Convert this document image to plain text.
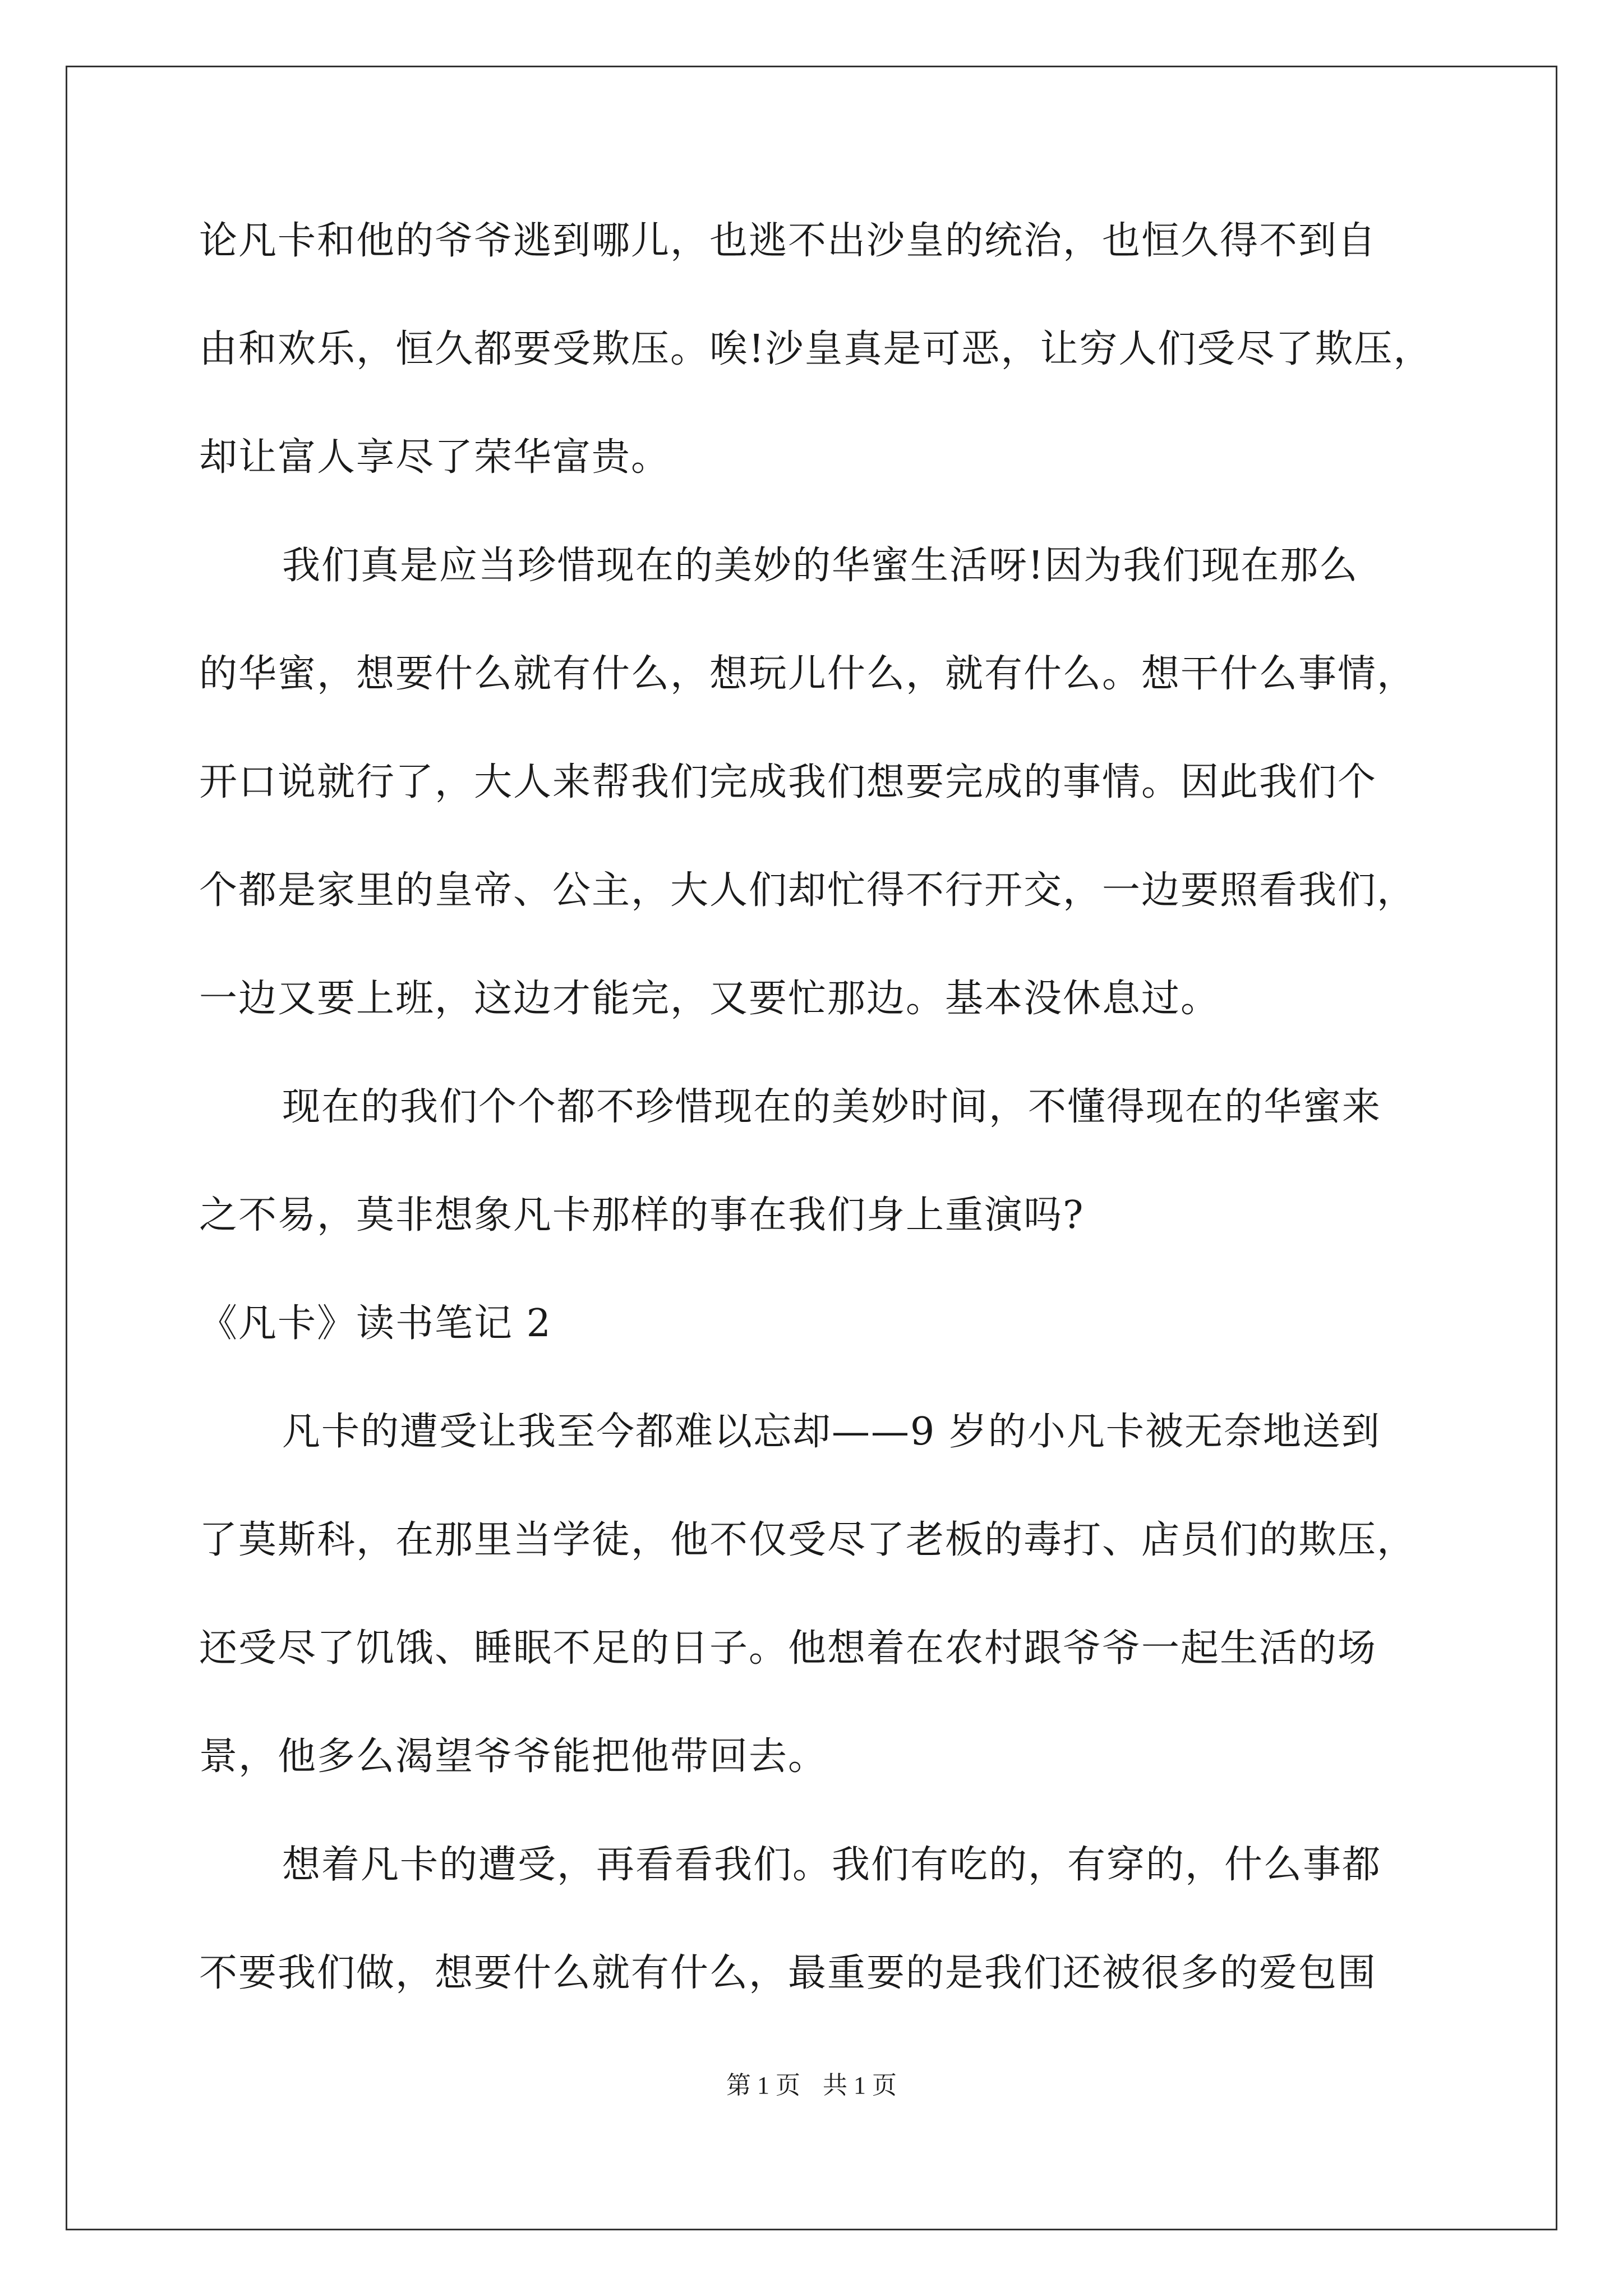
论凡卡和他的爷爷逃到哪儿，也逃不出沙皇的统治，也恒久得不到自
由和欢乐，恒久都要受欺压。唉!沙皇真是可恶，让穷人们受尽了欺压，
却让富人享尽了荣华富贵。
我们真是应当珍惜现在的美妙的华蜜生活呀!因为我们现在那么
的华蜜，想要什么就有什么，想玩儿什么，就有什么。想干什么事情，
开口说就行了，大人来帮我们完成我们想要完成的事情。因此我们个
个都是家里的皇帝、公主，大人们却忙得不行开交，一边要照看我们，
一边又要上班，这边才能完，又要忙那边。基本没休息过。
现在的我们个个都不珍惜现在的美妙时间，不懂得现在的华蜜来
之不易，莫非想象凡卡那样的事在我们身上重演吗?
《凡卡》读书笔记 2
凡卡的遭受让我至今都难以忘却——9 岁的小凡卡被无奈地送到
了莫斯科，在那里当学徒，他不仅受尽了老板的毒打、店员们的欺压，
还受尽了饥饿、睡眠不足的日子。他想着在农村跟爷爷一起生活的场
景，他多么渴望爷爷能把他带回去。
想着凡卡的遭受，再看看我们。我们有吃的，有穿的，什么事都
不要我们做，想要什么就有什么，最重要的是我们还被很多的爱包围
第 1 页 共 1 页
